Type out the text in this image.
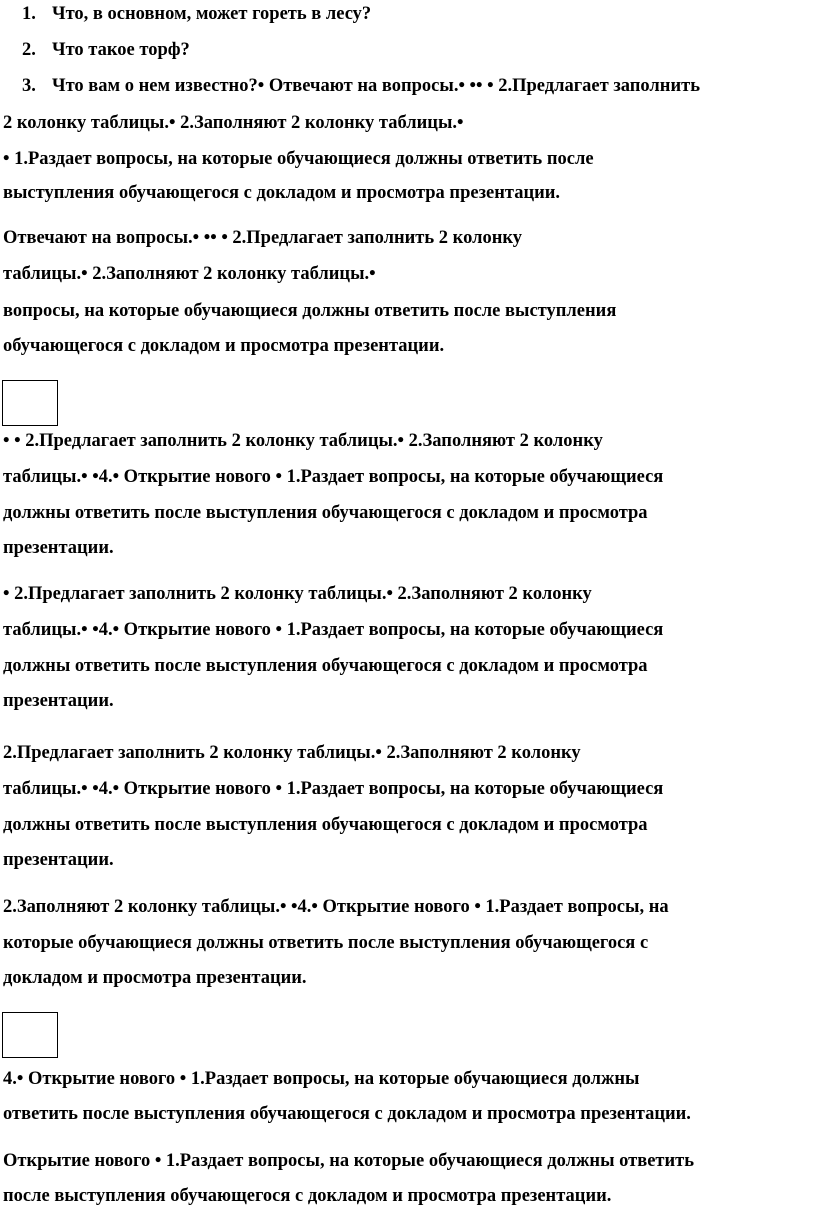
1. Что, в основном, может гореть в лесу?
2. Что такое торф?
3. Что вам о нем известно?• Отвечают на вопросы.• •• • 2.Предлагает заполнить
2 колонку таблицы.• 2.Заполняют 2 колонку таблицы.•
• 1.Раздает вопросы, на которые обучающиеся должны ответить после
выступления обучающегося с докладом и просмотра презентации.
Отвечают на вопросы.• •• • 2.Предлагает заполнить 2 колонку
таблицы.• 2.Заполняют 2 колонку таблицы.•
вопросы, на которые обучающиеся должны ответить после выступления
обучающегося с докладом и просмотра презентации.
• • 2.Предлагает заполнить 2 колонку таблицы.• 2.Заполняют 2 колонку
таблицы.• •4.• Открытие нового • 1.Раздает вопросы, на которые обучающиеся
должны ответить после выступления обучающегося с докладом и просмотра
презентации.
• 2.Предлагает заполнить 2 колонку таблицы.• 2.Заполняют 2 колонку
таблицы.• •4.• Открытие нового • 1.Раздает вопросы, на которые обучающиеся
должны ответить после выступления обучающегося с докладом и просмотра
презентации.
2.Предлагает заполнить 2 колонку таблицы.• 2.Заполняют 2 колонку
таблицы.• •4.• Открытие нового • 1.Раздает вопросы, на которые обучающиеся
должны ответить после выступления обучающегося с докладом и просмотра
презентации.
2.Заполняют 2 колонку таблицы.• •4.• Открытие нового • 1.Раздает вопросы, на
которые обучающиеся должны ответить после выступления обучающегося с
докладом и просмотра презентации.
4.• Открытие нового • 1.Раздает вопросы, на которые обучающиеся должны
ответить после выступления обучающегося с докладом и просмотра презентации.
Открытие нового • 1.Раздает вопросы, на которые обучающиеся должны ответить
после выступления обучающегося с докладом и просмотра презентации.
